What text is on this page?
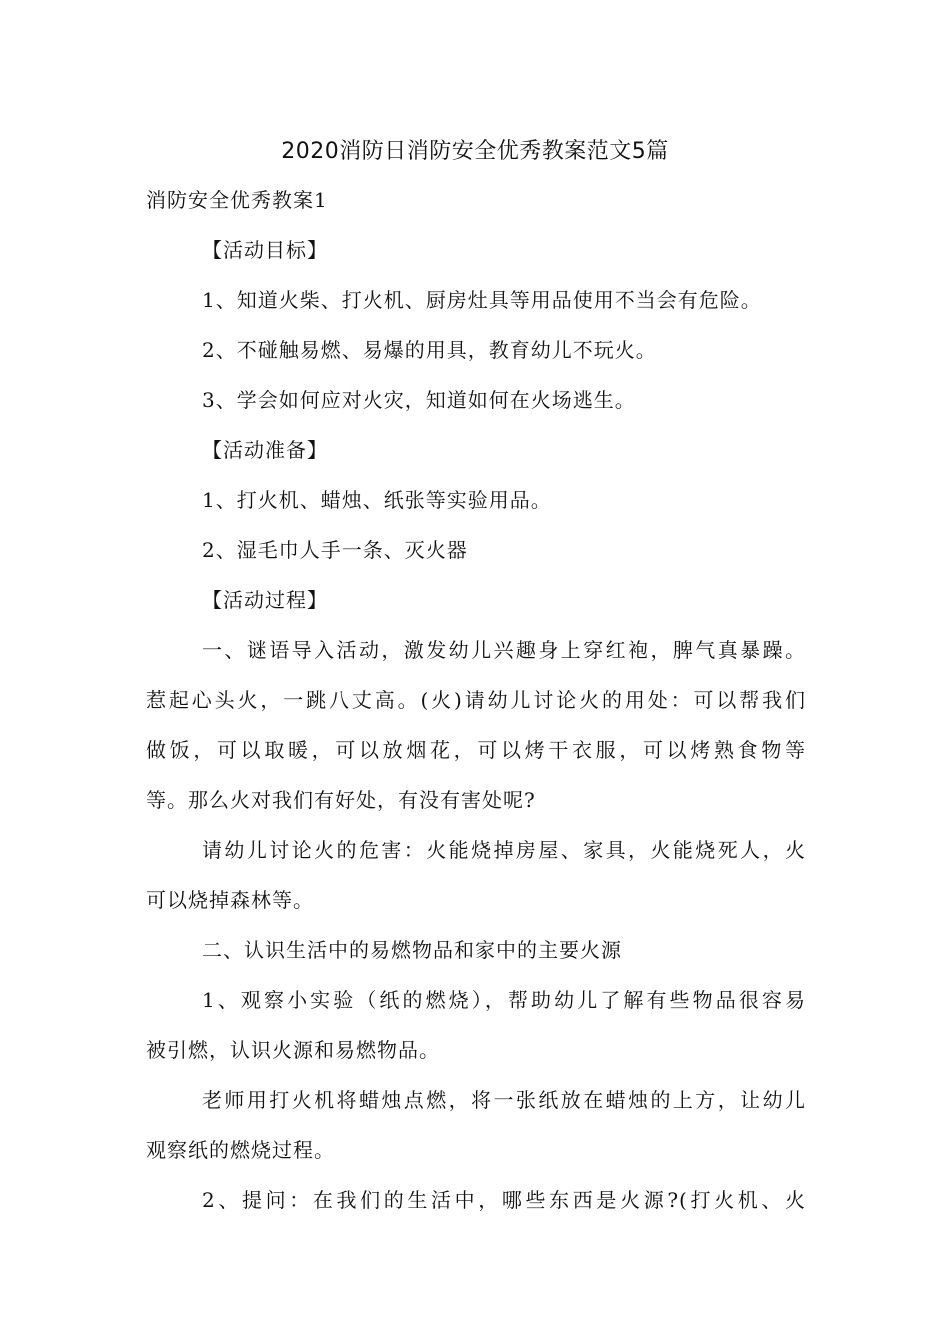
2020消防日消防安全优秀教案范文5篇
消防安全优秀教案1
【活动目标】
1、知道火柴、打火机、厨房灶具等用品使用不当会有危险。
2、不碰触易燃、易爆的用具，教育幼儿不玩火。
3、学会如何应对火灾，知道如何在火场逃生。
【活动准备】
1、打火机、蜡烛、纸张等实验用品。
2、湿毛巾人手一条、灭火器
【活动过程】
一、谜语导入活动，激发幼儿兴趣身上穿红袍，脾气真暴躁。
惹起心头火，一跳八丈高。(火)请幼儿讨论火的用处：可以帮我们
做饭，可以取暖，可以放烟花，可以烤干衣服，可以烤熟食物等
等。那么火对我们有好处，有没有害处呢?
请幼儿讨论火的危害：火能烧掉房屋、家具，火能烧死人，火
可以烧掉森林等。
二、认识生活中的易燃物品和家中的主要火源
1、观察小实验（纸的燃烧），帮助幼儿了解有些物品很容易
被引燃，认识火源和易燃物品。
老师用打火机将蜡烛点燃，将一张纸放在蜡烛的上方，让幼儿
观察纸的燃烧过程。
2、提问：在我们的生活中，哪些东西是火源?(打火机、火
